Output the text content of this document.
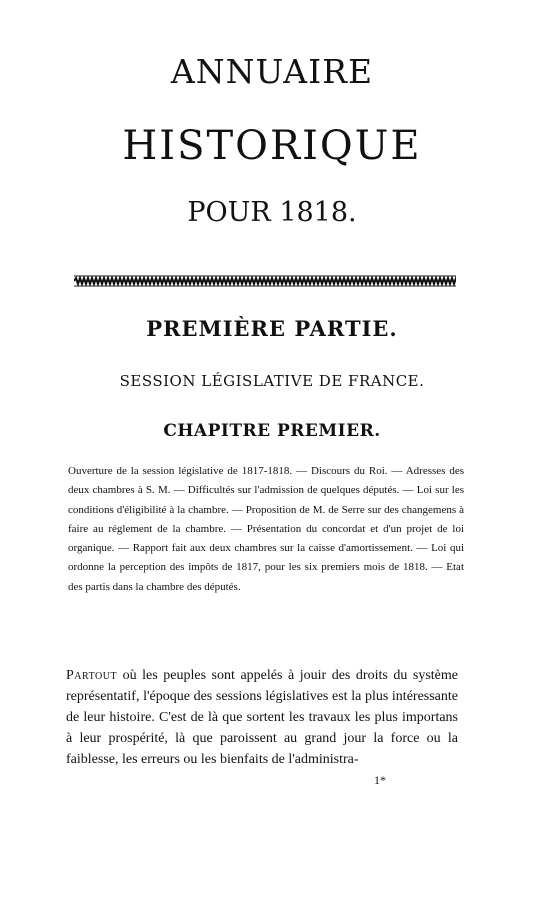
ANNUAIRE
HISTORIQUE
POUR 1818.
PREMIÈRE PARTIE.
SESSION LÉGISLATIVE DE FRANCE.
CHAPITRE PREMIER.

Ouverture de la session législative de 1817-1818. — Discours du Roi. — Adresses des deux chambres à S. M. — Difficultés sur l'admission de quelques députés. — Loi sur les conditions d'éligibilité à la chambre. — Proposition de M. de Serre sur des changemens à faire au réglement de la chambre. — Présentation du concordat et d'un projet de loi organique. — Rapport fait aux deux chambres sur la caisse d'amortissement. — Loi qui ordonne la perception des impôts de 1817, pour les six premiers mois de 1818. — Etat des partis dans la chambre des députés.

Partout où les peuples sont appelés à jouir des droits du système représentatif, l'époque des sessions législatives est la plus intéressante de leur histoire. C'est de là que sortent les travaux les plus importans à leur prospérité, là que paroissent au grand jour la force ou la faiblesse, les erreurs ou les bienfaits de l'administra-

1*
